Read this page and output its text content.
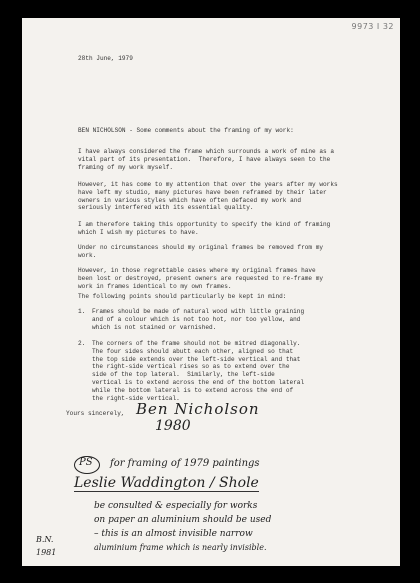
9973 I 32
28th June, 1979
BEN NICHOLSON - Some comments about the framing of my work:
I have always considered the frame which surrounds a work of mine as a
vital part of its presentation.  Therefore, I have always seen to the
framing of my work myself.
However, it has come to my attention that over the years after my works
have left my studio, many pictures have been reframed by their later
owners in various styles which have often defaced my work and
seriously interfered with its essential quality.
I am therefore taking this opportunity to specify the kind of framing
which I wish my pictures to have.
Under no circumstances should my original frames be removed from my
work.
However, in those regrettable cases where my original frames have
been lost or destroyed, present owners are requested to re-frame my
work in frames identical to my own frames.
The following points should particularly be kept in mind:
1. Frames should be made of natural wood with little graining
and of a colour which is not too hot, nor too yellow, and
which is not stained or varnished.
2. The corners of the frame should not be mitred diagonally.
The four sides should abutt each other, aligned so that
the top side extends over the left-side vertical and that
the right-side vertical rises so as to extend over the
side of the top lateral.  Similarly, the left-side
vertical is to extend across the end of the bottom lateral
while the bottom lateral is to extend across the end of
the right-side vertical.
Yours sincerely, Ben Nicholson
1980
PS for framing of 1979 paintings
Leslie Waddington / Shole
be consulted & especially for works
on paper an aluminium should be used
– this is an almost invisible narrow
aluminium frame which is nearly invisible.
B.N.
1981
